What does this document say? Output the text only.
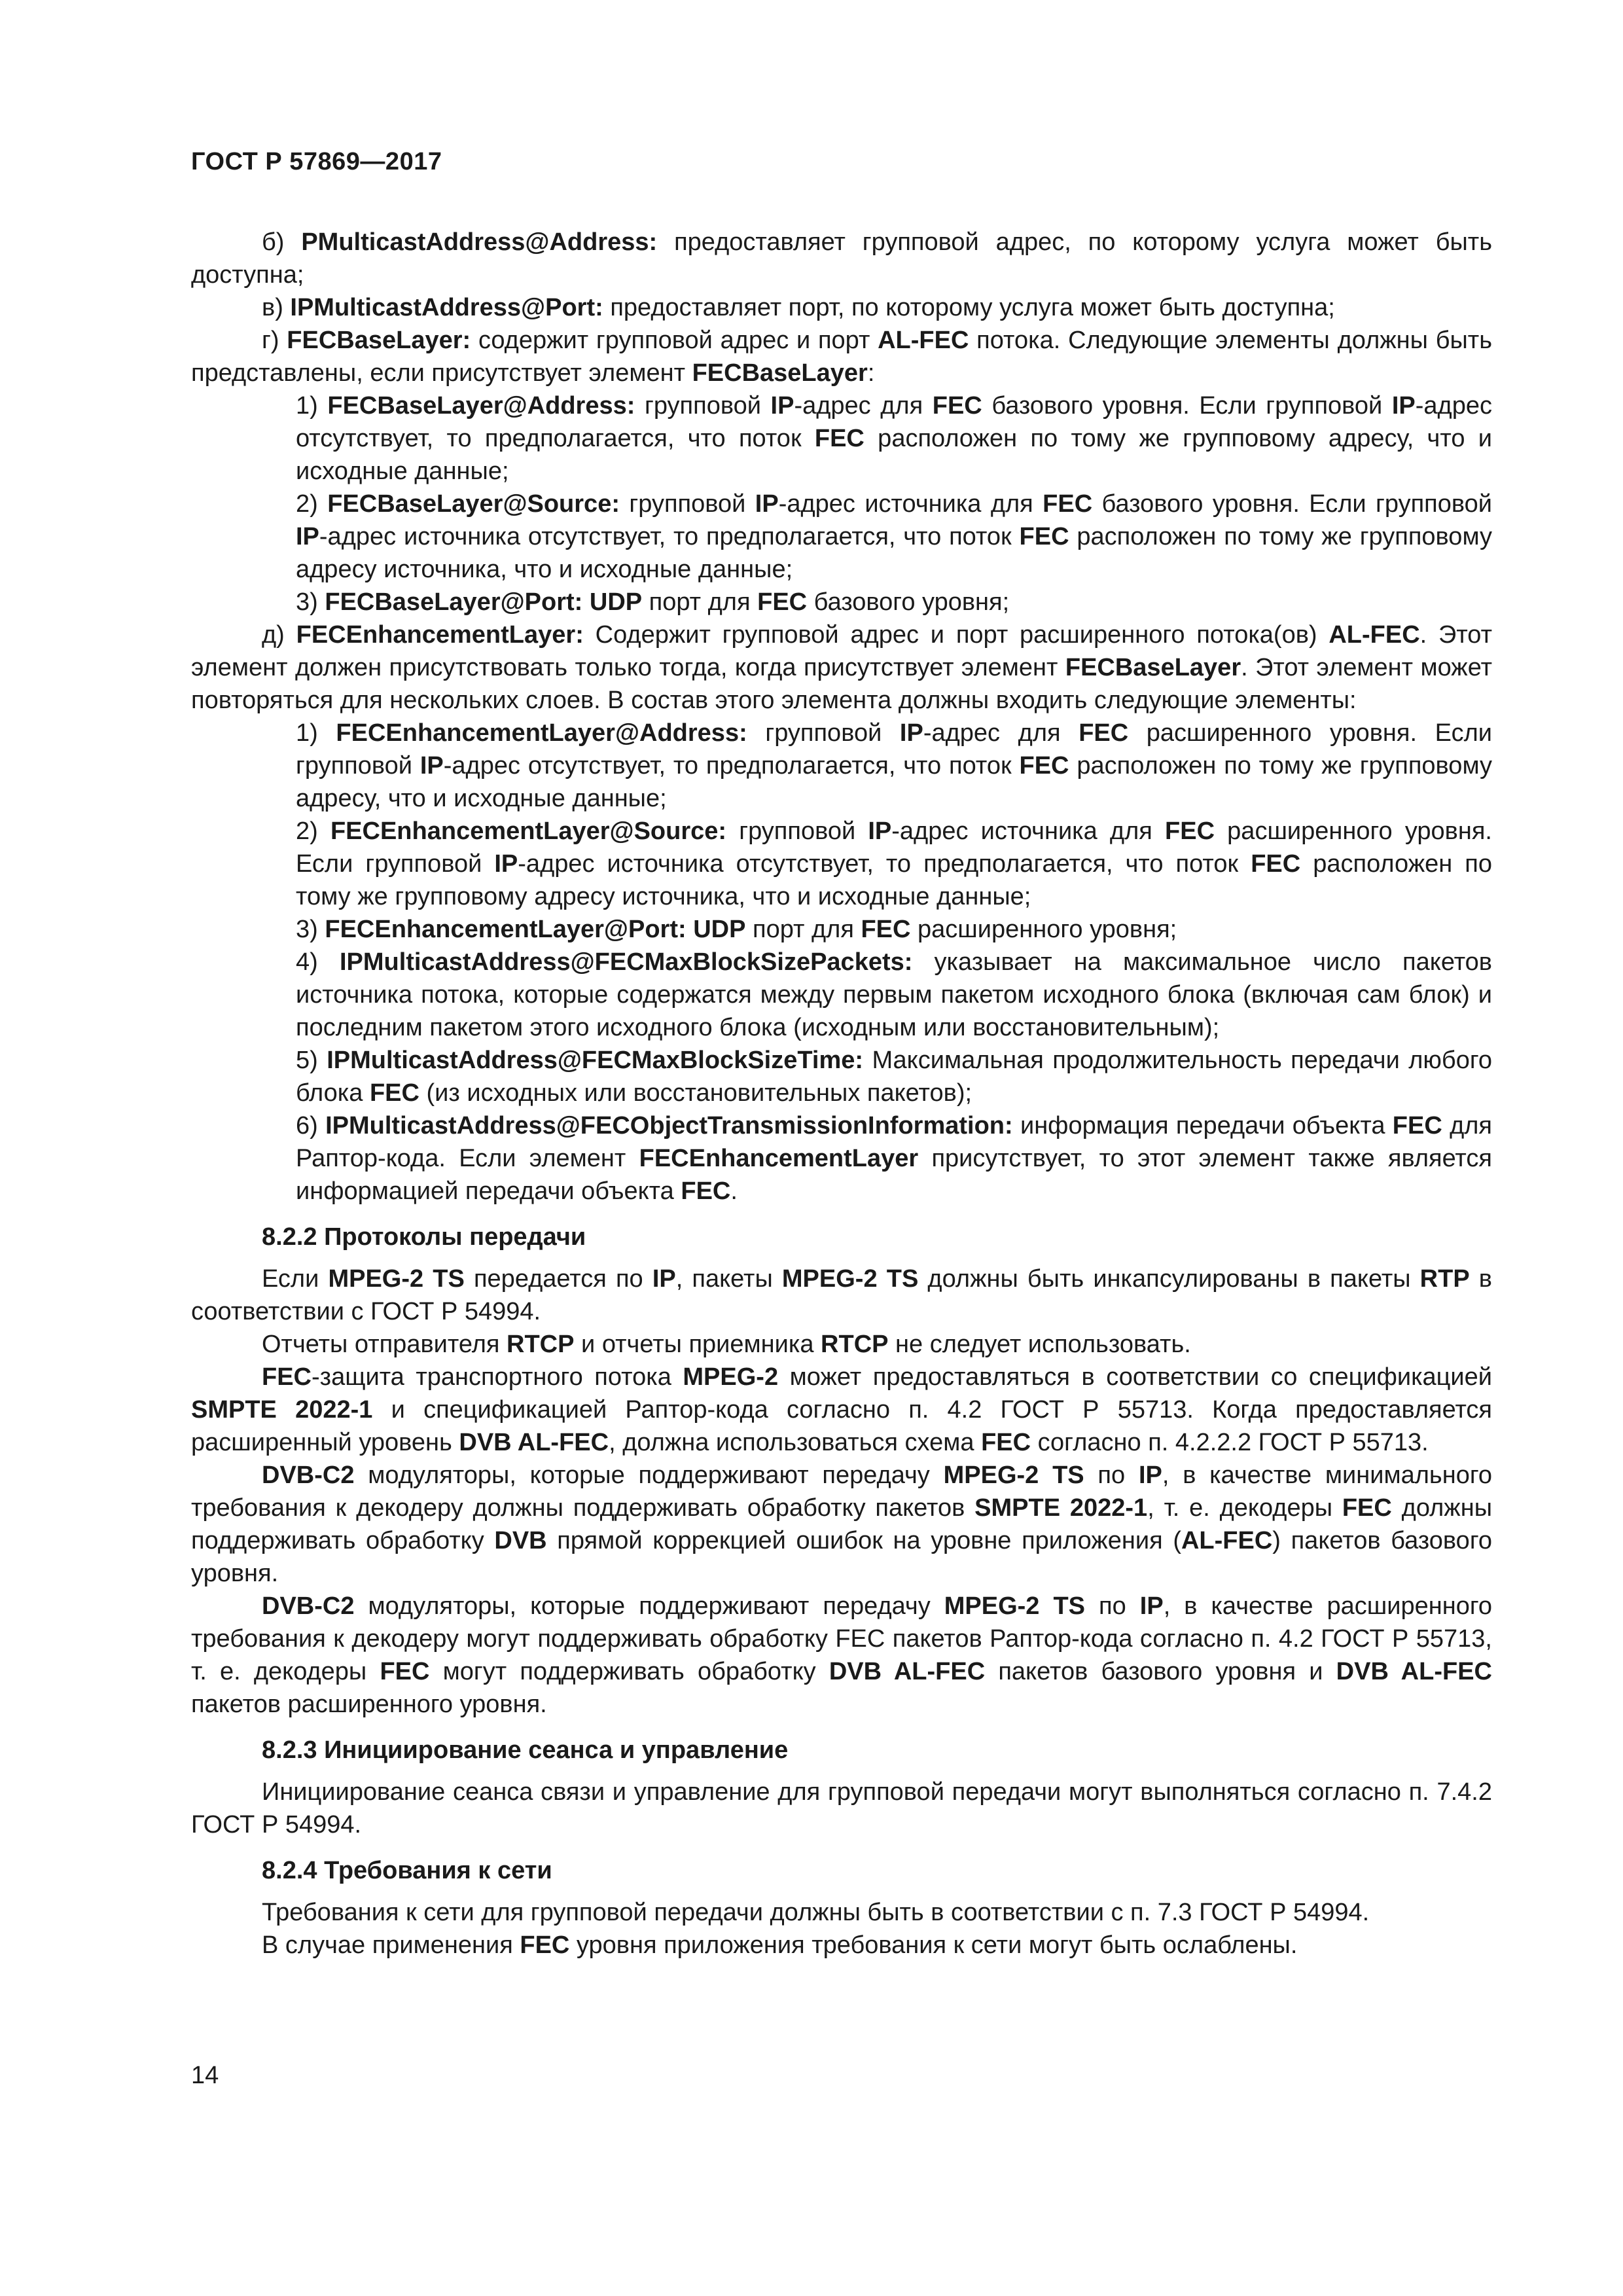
ГОСТ Р 57869—2017

б) PMulticastAddress@Address: предоставляет групповой адрес, по которому услуга может быть доступна;

в) IPMulticastAddress@Port: предоставляет порт, по которому услуга может быть доступна;

г) FECBaseLayer: содержит групповой адрес и порт AL-FEC потока. Следующие элементы должны быть представлены, если присутствует элемент FECBaseLayer:

1) FECBaseLayer@Address: групповой IP-адрес для FEC базового уровня. Если групповой IP-адрес отсутствует, то предполагается, что поток FEC расположен по тому же групповому адресу, что и исходные данные;

2) FECBaseLayer@Source: групповой IP-адрес источника для FEC базового уровня. Если групповой IP-адрес источника отсутствует, то предполагается, что поток FEC расположен по тому же групповому адресу источника, что и исходные данные;

3) FECBaseLayer@Port: UDP порт для FEC базового уровня;

д) FECEnhancementLayer: Содержит групповой адрес и порт расширенного потока(ов) AL-FEC. Этот элемент должен присутствовать только тогда, когда присутствует элемент FECBaseLayer. Этот элемент может повторяться для нескольких слоев. В состав этого элемента должны входить следующие элементы:

1) FECEnhancementLayer@Address: групповой IP-адрес для FEC расширенного уровня. Если групповой IP-адрес отсутствует, то предполагается, что поток FEC расположен по тому же групповому адресу, что и исходные данные;

2) FECEnhancementLayer@Source: групповой IP-адрес источника для FEC расширенного уровня. Если групповой IP-адрес источника отсутствует, то предполагается, что поток FEC расположен по тому же групповому адресу источника, что и исходные данные;

3) FECEnhancementLayer@Port: UDP порт для FEC расширенного уровня;

4) IPMulticastAddress@FECMaxBlockSizePackets: указывает на максимальное число пакетов источника потока, которые содержатся между первым пакетом исходного блока (включая сам блок) и последним пакетом этого исходного блока (исходным или восстановительным);

5) IPMulticastAddress@FECMaxBlockSizeTime: Максимальная продолжительность передачи любого блока FEC (из исходных или восстановительных пакетов);

6) IPMulticastAddress@FECObjectTransmissionInformation: информация передачи объекта FEC для Раптор-кода. Если элемент FECEnhancementLayer присутствует, то этот элемент также является информацией передачи объекта FEC.

8.2.2 Протоколы передачи

Если MPEG-2 TS передается по IP, пакеты MPEG-2 TS должны быть инкапсулированы в пакеты RTP в соответствии с ГОСТ Р 54994.

Отчеты отправителя RTCP и отчеты приемника RTCP не следует использовать.

FEC-защита транспортного потока MPEG-2 может предоставляться в соответствии со спецификацией SMPTE 2022-1 и спецификацией Раптор-кода согласно п. 4.2 ГОСТ Р 55713. Когда предоставляется расширенный уровень DVB AL-FEC, должна использоваться схема FEC согласно п. 4.2.2.2 ГОСТ Р 55713.

DVB-C2 модуляторы, которые поддерживают передачу MPEG-2 TS по IP, в качестве минимального требования к декодеру должны поддерживать обработку пакетов SMPTE 2022-1, т. е. декодеры FEC должны поддерживать обработку DVB прямой коррекцией ошибок на уровне приложения (AL-FEC) пакетов базового уровня.

DVB-C2 модуляторы, которые поддерживают передачу MPEG-2 TS по IP, в качестве расширенного требования к декодеру могут поддерживать обработку FEC пакетов Раптор-кода согласно п. 4.2 ГОСТ Р 55713, т. е. декодеры FEC могут поддерживать обработку DVB AL-FEC пакетов базового уровня и DVB AL-FEC пакетов расширенного уровня.

8.2.3 Инициирование сеанса и управление

Инициирование сеанса связи и управление для групповой передачи могут выполняться согласно п. 7.4.2 ГОСТ Р 54994.

8.2.4 Требования к сети

Требования к сети для групповой передачи должны быть в соответствии с п. 7.3 ГОСТ Р 54994.

В случае применения FEC уровня приложения требования к сети могут быть ослаблены.

14
